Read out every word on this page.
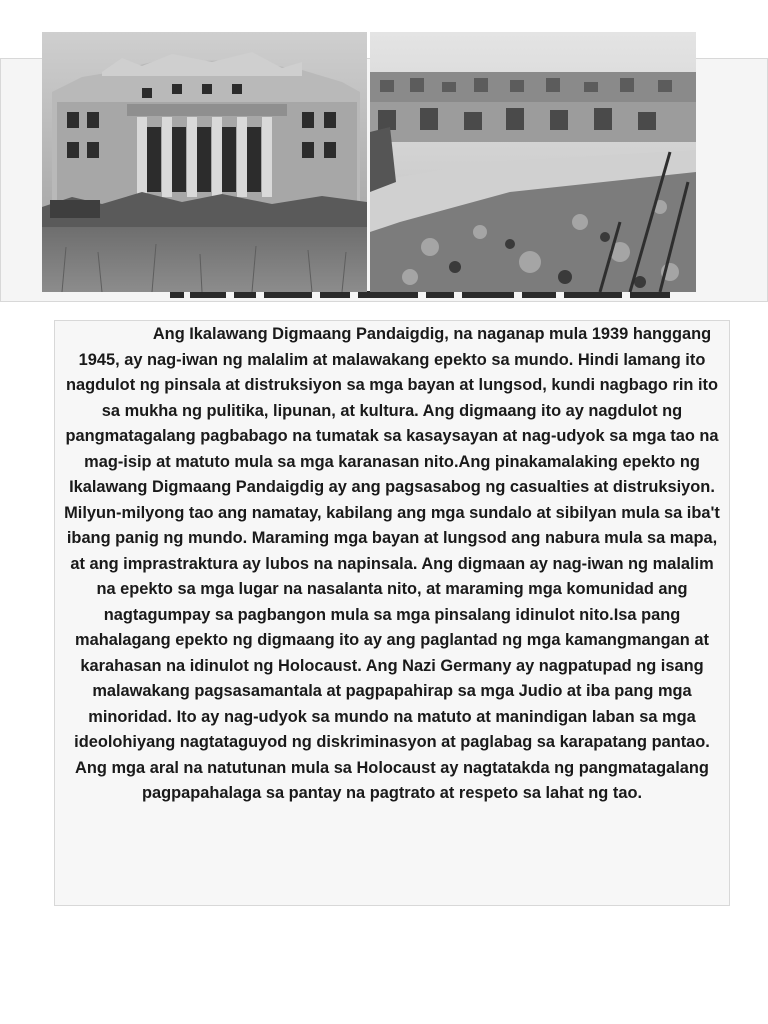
Ang Ikalawang Digmaang Pandaigdig, na naganap mula 1939 hanggang 1945, ay nag-iwan ng malalim at malawakang epekto sa mundo. Hindi lamang ito nagdulot ng pinsala at distruksiyon sa mga bayan at lungsod, kundi nagbago rin ito sa mukha ng pulitika, lipunan, at kultura. Ang digmaang ito ay nagdulot ng pangmatagalang pagbabago na tumatak sa kasaysayan at nag-udyok sa mga tao na mag-isip at matuto mula sa mga karanasan nito.Ang pinakamalaking epekto ng Ikalawang Digmaang Pandaigdig ay ang pagsasabog ng casualties at distruksiyon. Milyun-milyong tao ang namatay, kabilang ang mga sundalo at sibilyan mula sa iba't ibang panig ng mundo. Maraming mga bayan at lungsod ang nabura mula sa mapa, at ang imprastraktura ay lubos na napinsala. Ang digmaan ay nag-iwan ng malalim na epekto sa mga lugar na nasalanta nito, at maraming mga komunidad ang nagtagumpay sa pagbangon mula sa mga pinsalang idinulot nito.Isa pang mahalagang epekto ng digmaang ito ay ang paglantad ng mga kamangmangan at karahasan na idinulot ng Holocaust. Ang Nazi Germany ay nagpatupad ng isang malawakang pagsasamantala at pagpapahirap sa mga Judio at iba pang mga minoridad. Ito ay nag-udyok sa mundo na matuto at manindigan laban sa mga ideolohiyang nagtataguyod ng diskriminasyon at paglabag sa karapatang pantao. Ang mga aral na natutunan mula sa Holocaust ay nagtatakda ng pangmatagalang pagpapahalaga sa pantay na pagtrato at respeto sa lahat ng tao.
